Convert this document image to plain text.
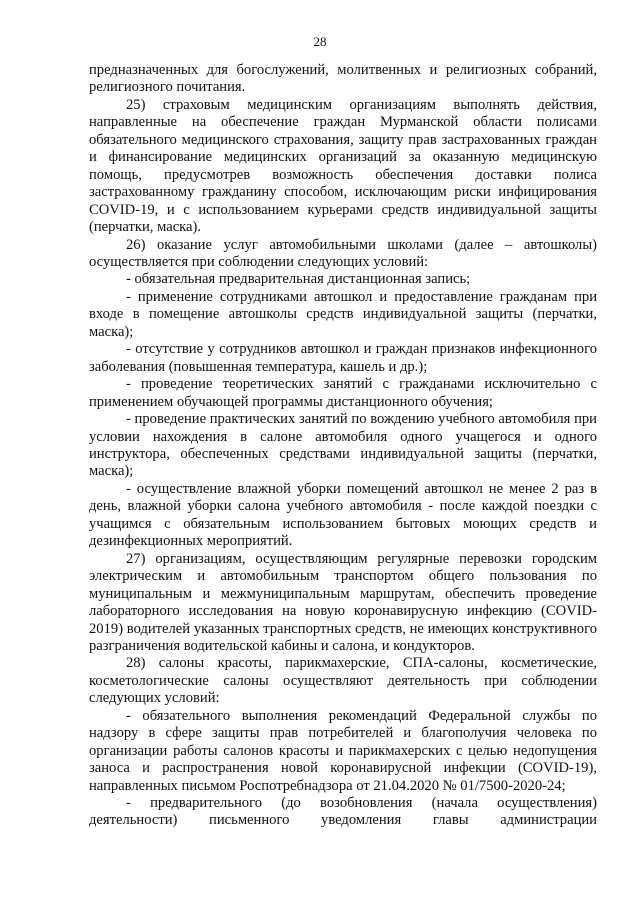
28

предназначенных для богослужений, молитвенных и религиозных собраний, религиозного почитания.

25) страховым медицинским организациям выполнять действия, направленные на обеспечение граждан Мурманской области полисами обязательного медицинского страхования, защиту прав застрахованных граждан и финансирование медицинских организаций за оказанную медицинскую помощь, предусмотрев возможность обеспечения доставки полиса застрахованному гражданину способом, исключающим риски инфицирования COVID-19, и с использованием курьерами средств индивидуальной защиты (перчатки, маска).

26) оказание услуг автомобильными школами (далее – автошколы) осуществляется при соблюдении следующих условий:

- обязательная предварительная дистанционная запись;

- применение сотрудниками автошкол и предоставление гражданам при входе в помещение автошколы средств индивидуальной защиты (перчатки, маска);

- отсутствие у сотрудников автошкол и граждан признаков инфекционного заболевания (повышенная температура, кашель и др.);

- проведение теоретических занятий с гражданами исключительно с применением обучающей программы дистанционного обучения;

- проведение практических занятий по вождению учебного автомобиля при условии нахождения в салоне автомобиля одного учащегося и одного инструктора, обеспеченных средствами индивидуальной защиты (перчатки, маска);

- осуществление влажной уборки помещений автошкол не менее 2 раз в день, влажной уборки салона учебного автомобиля - после каждой поездки с учащимся с обязательным использованием бытовых моющих средств и дезинфекционных мероприятий.

27) организациям, осуществляющим регулярные перевозки городским электрическим и автомобильным транспортом общего пользования по муниципальным и межмуниципальным маршрутам, обеспечить проведение лабораторного исследования на новую коронавирусную инфекцию (COVID-2019) водителей указанных транспортных средств, не имеющих конструктивного разграничения водительской кабины и салона, и кондукторов.

28) салоны красоты, парикмахерские, СПА-салоны, косметические, косметологические салоны осуществляют деятельность при соблюдении следующих условий:

- обязательного выполнения рекомендаций Федеральной службы по надзору в сфере защиты прав потребителей и благополучия человека по организации работы салонов красоты и парикмахерских с целью недопущения заноса и распространения новой коронавирусной инфекции (COVID-19), направленных письмом Роспотребнадзора от 21.04.2020 № 01/7500-2020-24;

- предварительного (до возобновления (начала осуществления) деятельности) письменного уведомления главы администрации
